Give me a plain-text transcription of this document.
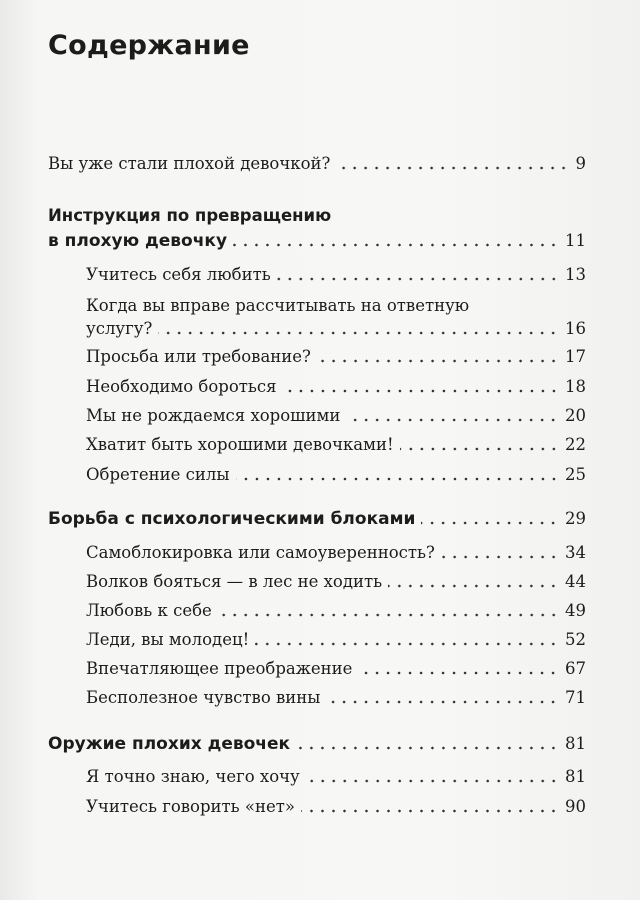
Содержание
Вы уже стали плохой девочкой?	9
Инструкция по превращению
в плохую девочку	11
Учитесь себя любить	13
Когда вы вправе рассчитывать на ответную
услугу?	16
Просьба или требование?	17
Необходимо бороться	18
Мы не рождаемся хорошими	20
Хватит быть хорошими девочками!	22
Обретение силы	25
Борьба с психологическими блоками	29
Самоблокировка или самоуверенность?	34
Волков бояться — в лес не ходить	44
Любовь к себе	49
Леди, вы молодец!	52
Впечатляющее преображение	67
Бесполезное чувство вины	71
Оружие плохих девочек	81
Я точно знаю, чего хочу	81
Учитесь говорить «нет»	90
